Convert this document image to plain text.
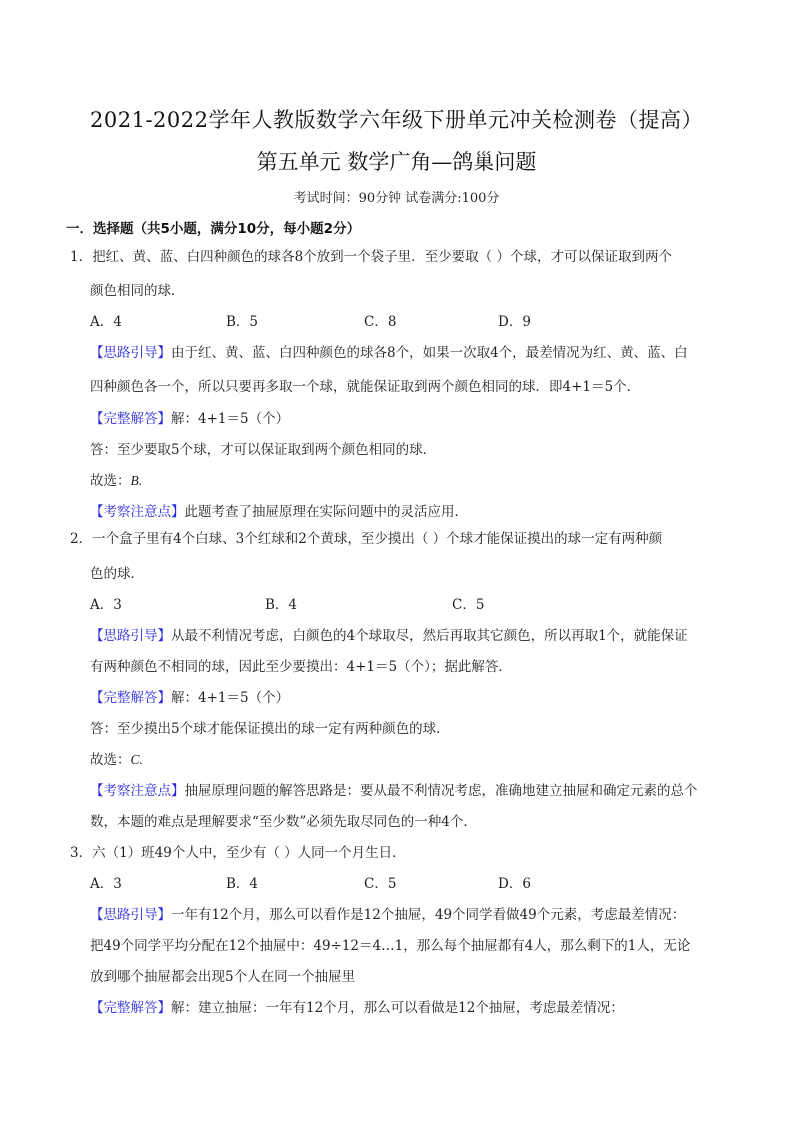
2021-2022学年人教版数学六年级下册单元冲关检测卷（提高）
第五单元 数学广角—鸽巢问题
考试时间：90分钟 试卷满分:100分
一．选择题（共5小题，满分10分，每小题2分）
1．把红、黄、蓝、白四种颜色的球各8个放到一个袋子里．至少要取（ ）个球，才可以保证取到两个
颜色相同的球．
A．4	B．5	C．8	D．9
【思路引导】由于红、黄、蓝、白四种颜色的球各8个，如果一次取4个，最差情况为红、黄、蓝、白
四种颜色各一个，所以只要再多取一个球，就能保证取到两个颜色相同的球．即4+1＝5个．
【完整解答】解：4+1＝5（个）
答：至少要取5个球，才可以保证取到两个颜色相同的球．
故选：B.
【考察注意点】此题考查了抽屉原理在实际问题中的灵活应用．
2．一个盒子里有4个白球、3个红球和2个黄球，至少摸出（ ）个球才能保证摸出的球一定有两种颜
色的球．
A．3	B．4	C．5
【思路引导】从最不利情况考虑，白颜色的4个球取尽，然后再取其它颜色，所以再取1个，就能保证
有两种颜色不相同的球，因此至少要摸出：4+1＝5（个）；据此解答．
【完整解答】解：4+1＝5（个）
答：至少摸出5个球才能保证摸出的球一定有两种颜色的球．
故选：C.
【考察注意点】抽屉原理问题的解答思路是：要从最不利情况考虑，准确地建立抽屉和确定元素的总个
数，本题的难点是理解要求“至少数”必须先取尽同色的一种4个．
3．六（1）班49个人中，至少有（ ）人同一个月生日．
A．3	B．4	C．5	D．6
【思路引导】一年有12个月，那么可以看作是12个抽屉，49个同学看做49个元素，考虑最差情况：
把49个同学平均分配在12个抽屉中：49÷12＝4…1，那么每个抽屉都有4人，那么剩下的1人，无论
放到哪个抽屉都会出现5个人在同一个抽屉里
【完整解答】解：建立抽屉：一年有12个月，那么可以看做是12个抽屉，考虑最差情况：
